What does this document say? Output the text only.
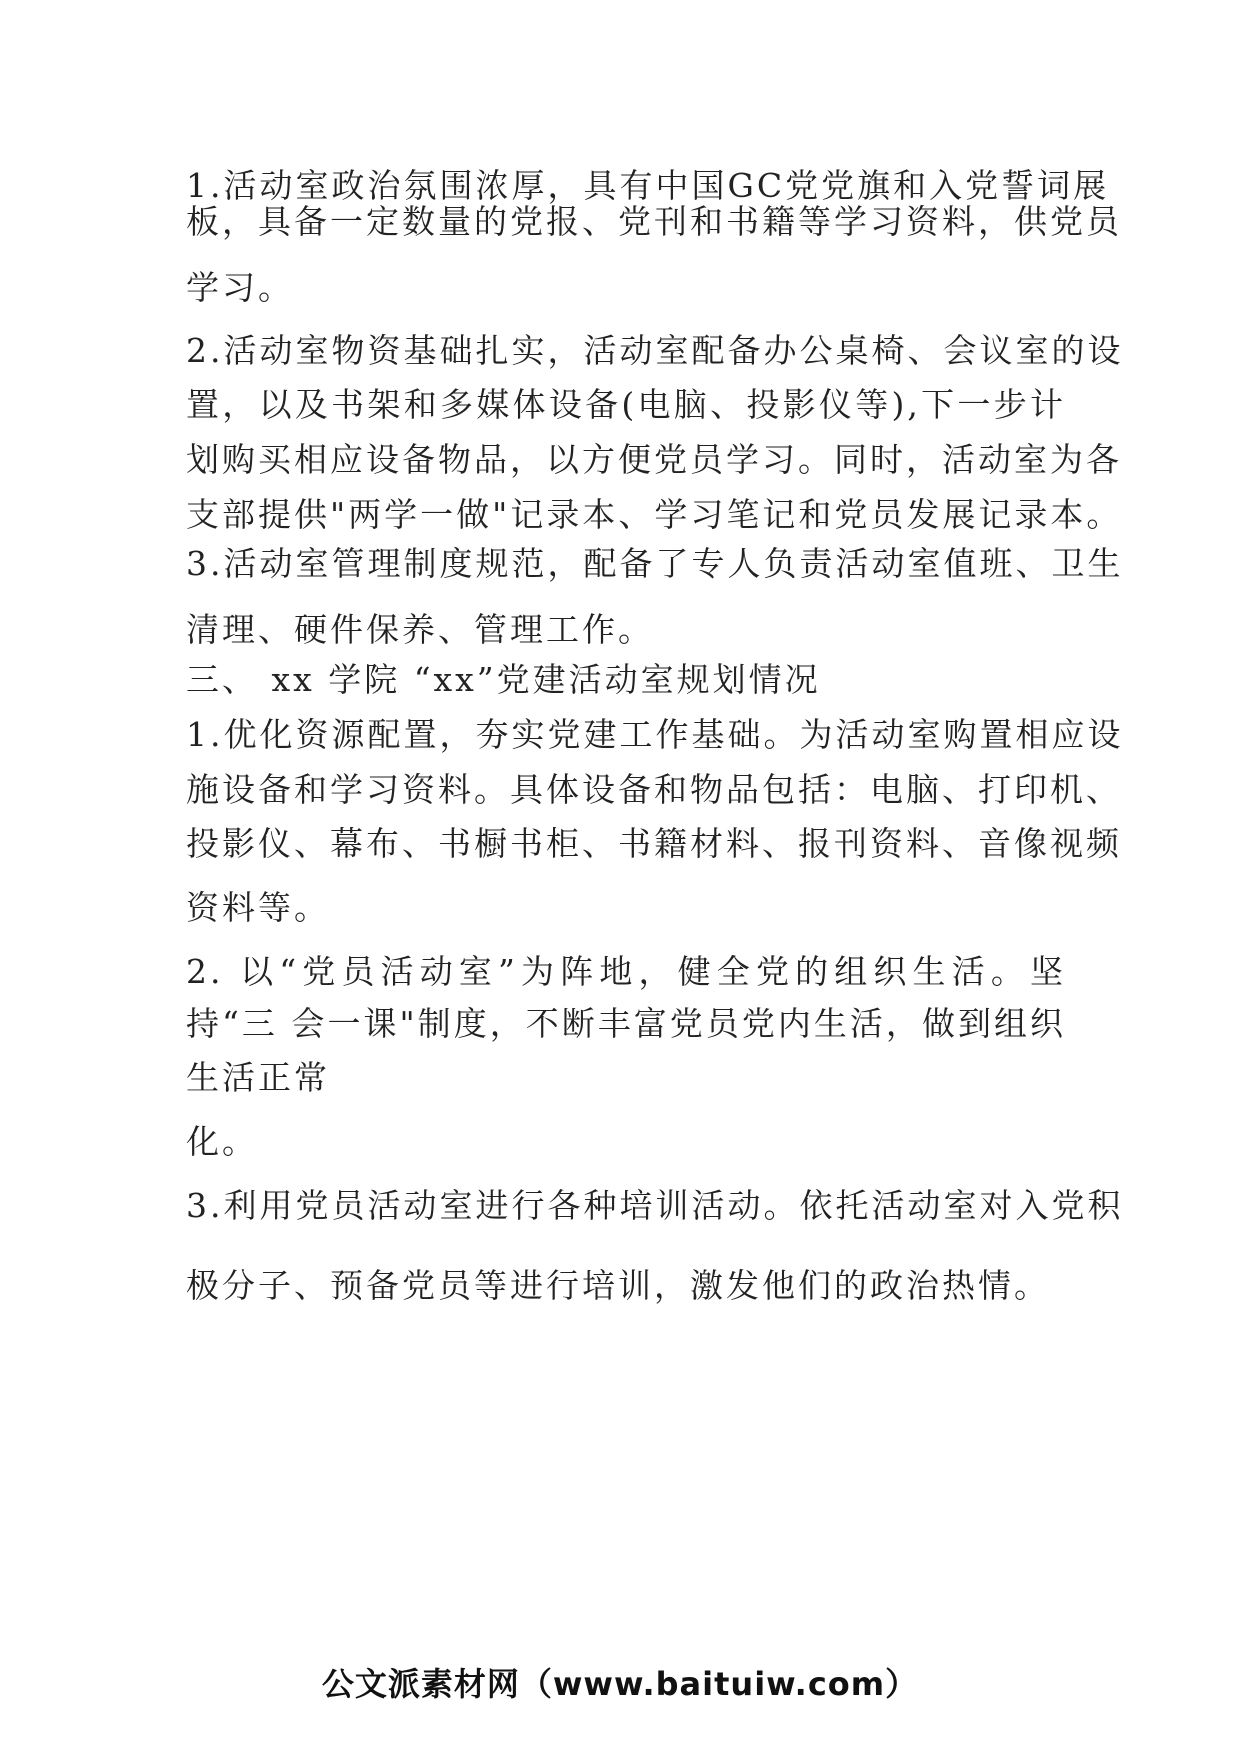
1.活动室政治氛围浓厚，具有中国GC党党旗和入党誓词展
板，具备一定数量的党报、党刊和书籍等学习资料，供党员
学习。
2.活动室物资基础扎实，活动室配备办公桌椅、会议室的设
置，以及书架和多媒体设备(电脑、投影仪等),下一步计
划购买相应设备物品，以方便党员学习。同时，活动室为各
支部提供"两学一做"记录本、学习笔记和党员发展记录本。
3.活动室管理制度规范，配备了专人负责活动室值班、卫生
清理、硬件保养、管理工作。
三、 xx 学院 “xx”党建活动室规划情况
1.优化资源配置，夯实党建工作基础。为活动室购置相应设
施设备和学习资料。具体设备和物品包括：电脑、打印机、
投影仪、幕布、书橱书柜、书籍材料、报刊资料、音像视频
资料等。
2. 以“党员活动室”为阵地，健全党的组织生活。坚
持“三 会一课"制度，不断丰富党员党内生活，做到组织
生活正常
化。
3.利用党员活动室进行各种培训活动。依托活动室对入党积
极分子、预备党员等进行培训，激发他们的政治热情。
公文派素材网（www.baituiw.com）
